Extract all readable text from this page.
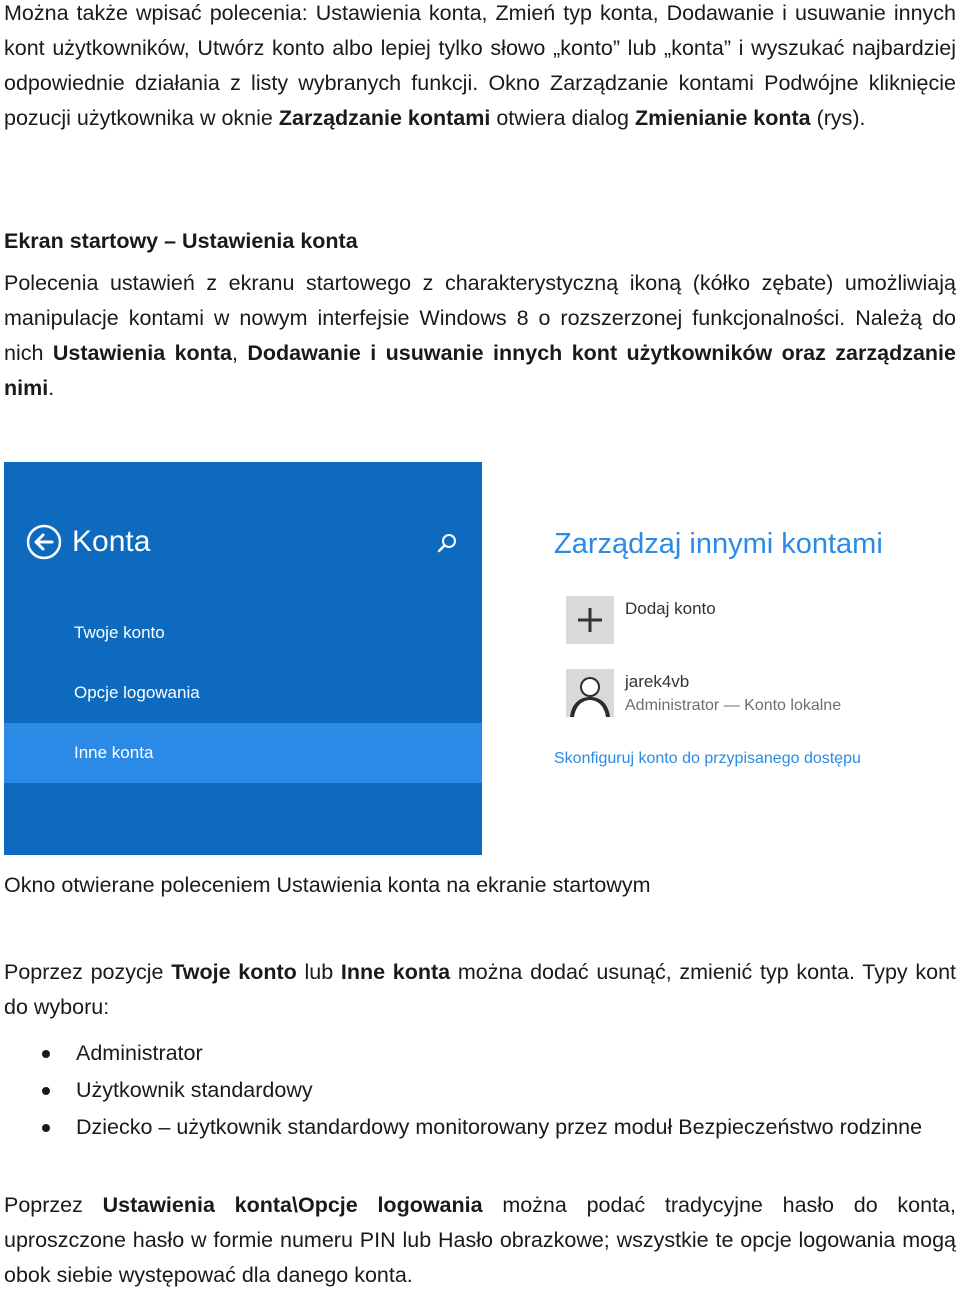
Można także wpisać polecenia: Ustawienia konta, Zmień typ konta, Dodawanie i usuwanie innych kont użytkowników, Utwórz konto albo lepiej tylko słowo „konto” lub „konta” i wyszukać najbardziej odpowiednie działania z listy wybranych funkcji. Okno Zarządzanie kontami Podwójne kliknięcie pozucji użytkownika w oknie Zarządzanie kontami otwiera dialog Zmienianie konta (rys).

Ekran startowy – Ustawienia konta

Polecenia ustawień z ekranu startowego z charakterystyczną ikoną (kółko zębate) umożliwiają manipulacje kontami w nowym interfejsie Windows 8 o rozszerzonej funkcjonalności. Należą do nich Ustawienia konta, Dodawanie i usuwanie innych kont użytkowników oraz zarządzanie nimi.

Konta
Twoje konto
Opcje logowania
Inne konta
Zarządzaj innymi kontami
Dodaj konto
jarek4vb
Administrator — Konto lokalne
Skonfiguruj konto do przypisanego dostępu

Okno otwierane poleceniem Ustawienia konta na ekranie startowym

Poprzez pozycje Twoje konto lub Inne konta można dodać usunąć, zmienić typ konta. Typy kont do wyboru:

Administrator
Użytkownik standardowy
Dziecko – użytkownik standardowy monitorowany przez moduł Bezpieczeństwo rodzinne

Poprzez Ustawienia konta\Opcje logowania można podać tradycyjne hasło do konta, uproszczone hasło w formie numeru PIN lub Hasło obrazkowe; wszystkie te opcje logowania mogą obok siebie występować dla danego konta.
